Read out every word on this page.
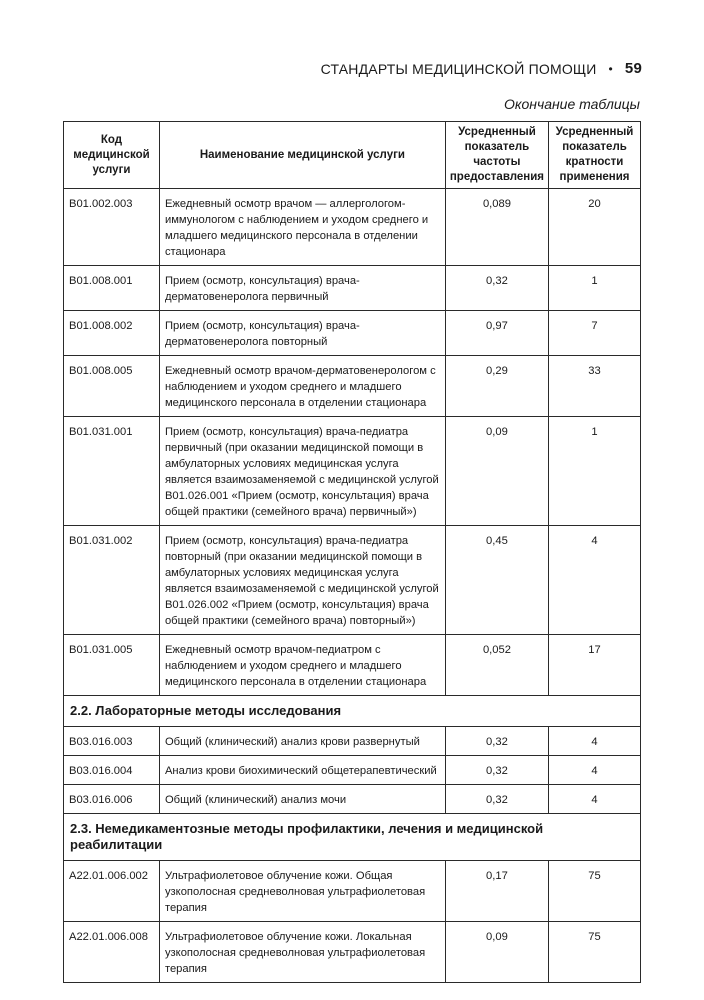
СТАНДАРТЫ МЕДИЦИНСКОЙ ПОМОЩИ • 59
Окончание таблицы
Код медицинской услуги	Наименование медицинской услуги	Усредненный показатель частоты предоставления	Усредненный показатель кратности применения
B01.002.003	Ежедневный осмотр врачом — аллергологом-иммунологом с наблюдением и уходом среднего и младшего медицинского персонала в отделении стационара	0,089	20
B01.008.001	Прием (осмотр, консультация) врача-дерматовенеролога первичный	0,32	1
B01.008.002	Прием (осмотр, консультация) врача-дерматовенеролога повторный	0,97	7
B01.008.005	Ежедневный осмотр врачом-дерматовенерологом с наблюдением и уходом среднего и младшего медицинского персонала в отделении стационара	0,29	33
B01.031.001	Прием (осмотр, консультация) врача-педиатра первичный (при оказании медицинской помощи в амбулаторных условиях медицинская услуга является взаимозаменяемой с медицинской услугой B01.026.001 «Прием (осмотр, консультация) врача общей практики (семейного врача) первичный»)	0,09	1
B01.031.002	Прием (осмотр, консультация) врача-педиатра повторный (при оказании медицинской помощи в амбулаторных условиях медицинская услуга является взаимозаменяемой с медицинской услугой B01.026.002 «Прием (осмотр, консультация) врача общей практики (семейного врача) повторный»)	0,45	4
B01.031.005	Ежедневный осмотр врачом-педиатром с наблюдением и уходом среднего и младшего медицинского персонала в отделении стационара	0,052	17
2.2. Лабораторные методы исследования			
B03.016.003	Общий (клинический) анализ крови развернутый	0,32	4
B03.016.004	Анализ крови биохимический общетерапевтический	0,32	4
B03.016.006	Общий (клинический) анализ мочи	0,32	4
2.3. Немедикаментозные методы профилактики, лечения и медицинской реабилитации			
A22.01.006.002	Ультрафиолетовое облучение кожи. Общая узкополосная средневолновая ультрафиолетовая терапия	0,17	75
A22.01.006.008	Ультрафиолетовое облучение кожи. Локальная узкополосная средневолновая ультрафиолетовая терапия	0,09	75
